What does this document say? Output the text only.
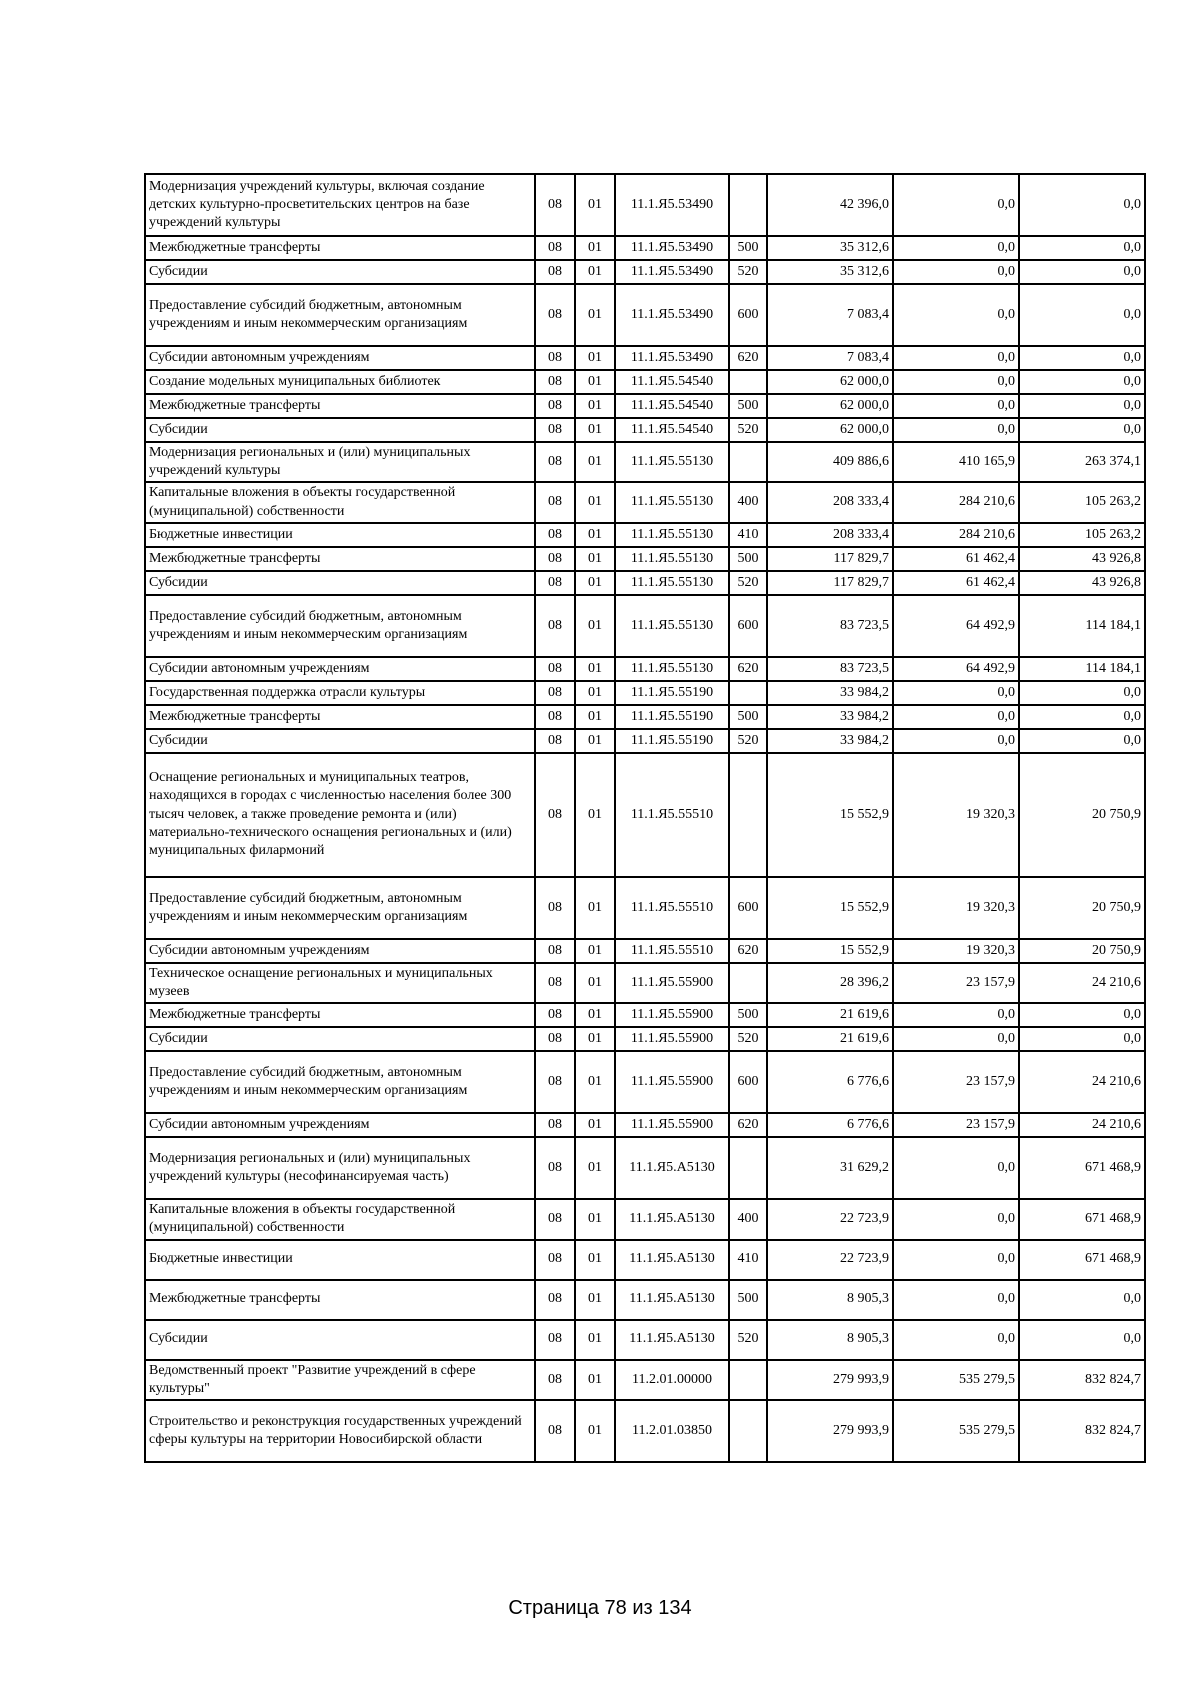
Модернизация учреждений культуры, включая создание детских культурно-просветительских центров на базе учреждений культуры	08	01	11.1.Я5.53490		42 396,0	0,0	0,0
Межбюджетные трансферты	08	01	11.1.Я5.53490	500	35 312,6	0,0	0,0
Субсидии	08	01	11.1.Я5.53490	520	35 312,6	0,0	0,0
Предоставление субсидий бюджетным, автономным учреждениям и иным некоммерческим организациям	08	01	11.1.Я5.53490	600	7 083,4	0,0	0,0
Субсидии автономным учреждениям	08	01	11.1.Я5.53490	620	7 083,4	0,0	0,0
Создание модельных муниципальных библиотек	08	01	11.1.Я5.54540		62 000,0	0,0	0,0
Межбюджетные трансферты	08	01	11.1.Я5.54540	500	62 000,0	0,0	0,0
Субсидии	08	01	11.1.Я5.54540	520	62 000,0	0,0	0,0
Модернизация региональных и (или) муниципальных учреждений культуры	08	01	11.1.Я5.55130		409 886,6	410 165,9	263 374,1
Капитальные вложения в объекты государственной (муниципальной) собственности	08	01	11.1.Я5.55130	400	208 333,4	284 210,6	105 263,2
Бюджетные инвестиции	08	01	11.1.Я5.55130	410	208 333,4	284 210,6	105 263,2
Межбюджетные трансферты	08	01	11.1.Я5.55130	500	117 829,7	61 462,4	43 926,8
Субсидии	08	01	11.1.Я5.55130	520	117 829,7	61 462,4	43 926,8
Предоставление субсидий бюджетным, автономным учреждениям и иным некоммерческим организациям	08	01	11.1.Я5.55130	600	83 723,5	64 492,9	114 184,1
Субсидии автономным учреждениям	08	01	11.1.Я5.55130	620	83 723,5	64 492,9	114 184,1
Государственная поддержка отрасли культуры	08	01	11.1.Я5.55190		33 984,2	0,0	0,0
Межбюджетные трансферты	08	01	11.1.Я5.55190	500	33 984,2	0,0	0,0
Субсидии	08	01	11.1.Я5.55190	520	33 984,2	0,0	0,0
Оснащение региональных и муниципальных театров, находящихся в городах с численностью населения более 300 тысяч человек, а также проведение ремонта и (или) материально-технического оснащения региональных и (или) муниципальных филармоний	08	01	11.1.Я5.55510		15 552,9	19 320,3	20 750,9
Предоставление субсидий бюджетным, автономным учреждениям и иным некоммерческим организациям	08	01	11.1.Я5.55510	600	15 552,9	19 320,3	20 750,9
Субсидии автономным учреждениям	08	01	11.1.Я5.55510	620	15 552,9	19 320,3	20 750,9
Техническое оснащение региональных и муниципальных музеев	08	01	11.1.Я5.55900		28 396,2	23 157,9	24 210,6
Межбюджетные трансферты	08	01	11.1.Я5.55900	500	21 619,6	0,0	0,0
Субсидии	08	01	11.1.Я5.55900	520	21 619,6	0,0	0,0
Предоставление субсидий бюджетным, автономным учреждениям и иным некоммерческим организациям	08	01	11.1.Я5.55900	600	6 776,6	23 157,9	24 210,6
Субсидии автономным учреждениям	08	01	11.1.Я5.55900	620	6 776,6	23 157,9	24 210,6
Модернизация региональных и (или) муниципальных учреждений культуры (несофинансируемая часть)	08	01	11.1.Я5.А5130		31 629,2	0,0	671 468,9
Капитальные вложения в объекты государственной (муниципальной) собственности	08	01	11.1.Я5.А5130	400	22 723,9	0,0	671 468,9
Бюджетные инвестиции	08	01	11.1.Я5.А5130	410	22 723,9	0,0	671 468,9
Межбюджетные трансферты	08	01	11.1.Я5.А5130	500	8 905,3	0,0	0,0
Субсидии	08	01	11.1.Я5.А5130	520	8 905,3	0,0	0,0
Ведомственный проект "Развитие учреждений в сфере культуры"	08	01	11.2.01.00000		279 993,9	535 279,5	832 824,7
Строительство и реконструкция государственных учреждений сферы культуры на территории Новосибирской области	08	01	11.2.01.03850		279 993,9	535 279,5	832 824,7
Страница 78 из 134
